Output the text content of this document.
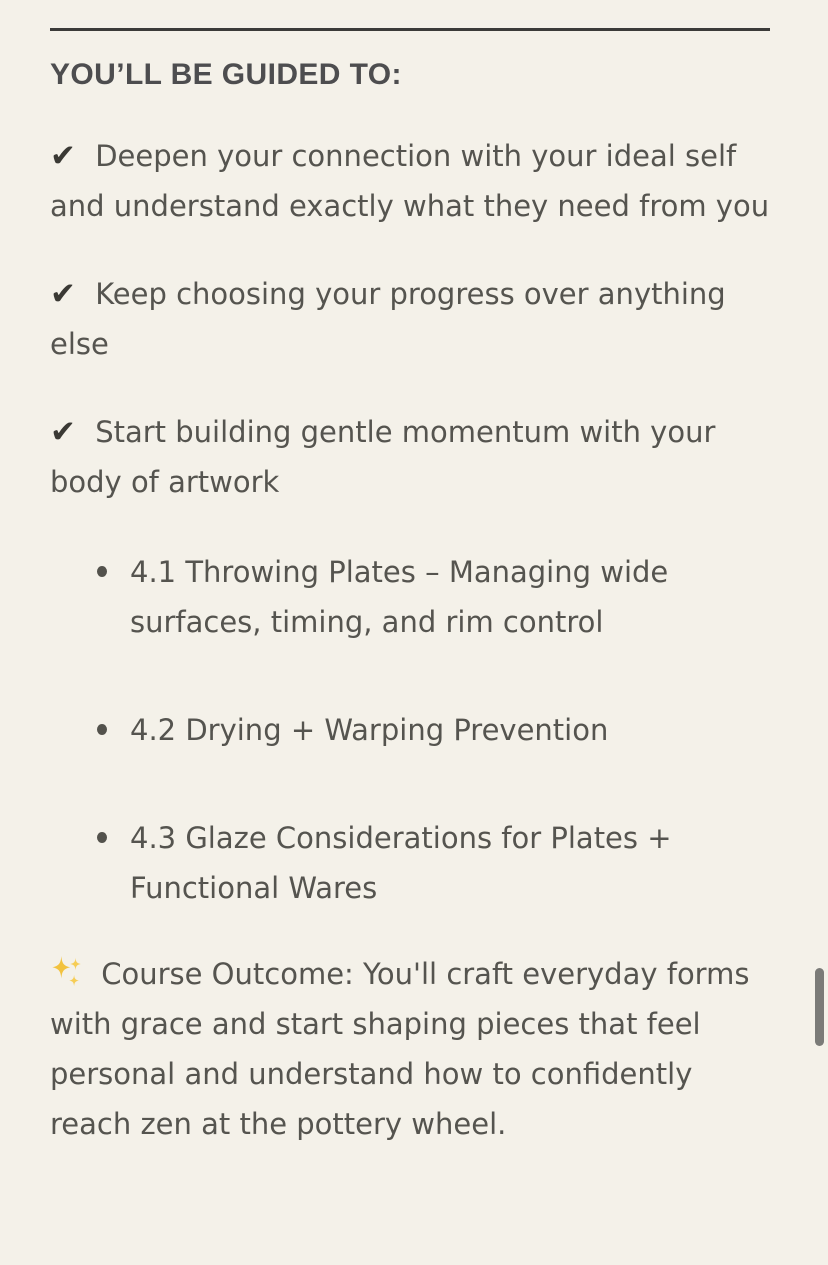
YOU’LL BE GUIDED TO:

✔ Deepen your connection with your ideal self and understand exactly what they need from you

✔ Keep choosing your progress over anything else

✔ Start building gentle momentum with your body of artwork

4.1 Throwing Plates – Managing wide surfaces, timing, and rim control
4.2 Drying + Warping Prevention
4.3 Glaze Considerations for Plates + Functional Wares

Course Outcome: You'll craft everyday forms with grace and start shaping pieces that feel personal and understand how to confidently reach zen at the pottery wheel.
